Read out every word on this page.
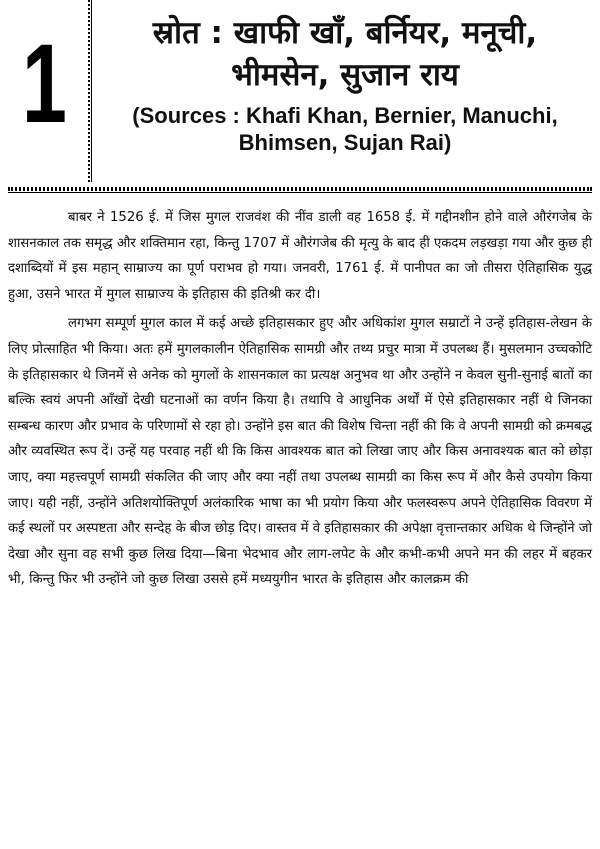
1	स्रोत : खाफी खाँ, बर्नियर, मनूची,
भीमसेन, सुजान राय
(Sources : Khafi Khan, Bernier, Manuchi,
Bhimsen, Sujan Rai)

बाबर ने 1526 ई. में जिस मुगल राजवंश की नींव डाली वह 1658 ई. में गद्दीनशीन होने वाले औरंगजेब के शासनकाल तक समृद्ध और शक्तिमान रहा, किन्तु 1707 में औरंगजेब की मृत्यु के बाद ही एकदम लड़खड़ा गया और कुछ ही दशाब्दियों में इस महान् साम्राज्य का पूर्ण पराभव हो गया। जनवरी, 1761 ई. में पानीपत का जो तीसरा ऐतिहासिक युद्ध हुआ, उसने भारत में मुगल साम्राज्य के इतिहास की इतिश्री कर दी।

लगभग सम्पूर्ण मुगल काल में कई अच्छे इतिहासकार हुए और अधिकांश मुगल सम्राटों ने उन्हें इतिहास-लेखन के लिए प्रोत्साहित भी किया। अतः हमें मुगलकालीन ऐतिहासिक सामग्री और तथ्य प्रचुर मात्रा में उपलब्ध हैं। मुसलमान उच्चकोटि के इतिहासकार थे जिनमें से अनेक को मुगलों के शासनकाल का प्रत्यक्ष अनुभव था और उन्होंने न केवल सुनी-सुनाई बातों का बल्कि स्वयं अपनी आँखों देखी घटनाओं का वर्णन किया है। तथापि वे आधुनिक अर्थों में ऐसे इतिहासकार नहीं थे जिनका सम्बन्ध कारण और प्रभाव के परिणामों से रहा हो। उन्होंने इस बात की विशेष चिन्ता नहीं की कि वे अपनी सामग्री को क्रमबद्ध और व्यवस्थित रूप दें। उन्हें यह परवाह नहीं थी कि किस आवश्यक बात को लिखा जाए और किस अनावश्यक बात को छोड़ा जाए, क्या महत्त्वपूर्ण सामग्री संकलित की जाए और क्या नहीं तथा उपलब्ध सामग्री का किस रूप में और कैसे उपयोग किया जाए। यही नहीं, उन्होंने अतिशयोक्तिपूर्ण अलंकारिक भाषा का भी प्रयोग किया और फलस्वरूप अपने ऐतिहासिक विवरण में कई स्थलों पर अस्पष्टता और सन्देह के बीज छोड़ दिए। वास्तव में वे इतिहासकार की अपेक्षा वृत्तान्तकार अधिक थे जिन्होंने जो देखा और सुना वह सभी कुछ लिख दिया—बिना भेदभाव और लाग-लपेट के और कभी-कभी अपने मन की लहर में बहकर भी, किन्तु फिर भी उन्होंने जो कुछ लिखा उससे हमें मध्ययुगीन भारत के इतिहास और कालक्रम की
